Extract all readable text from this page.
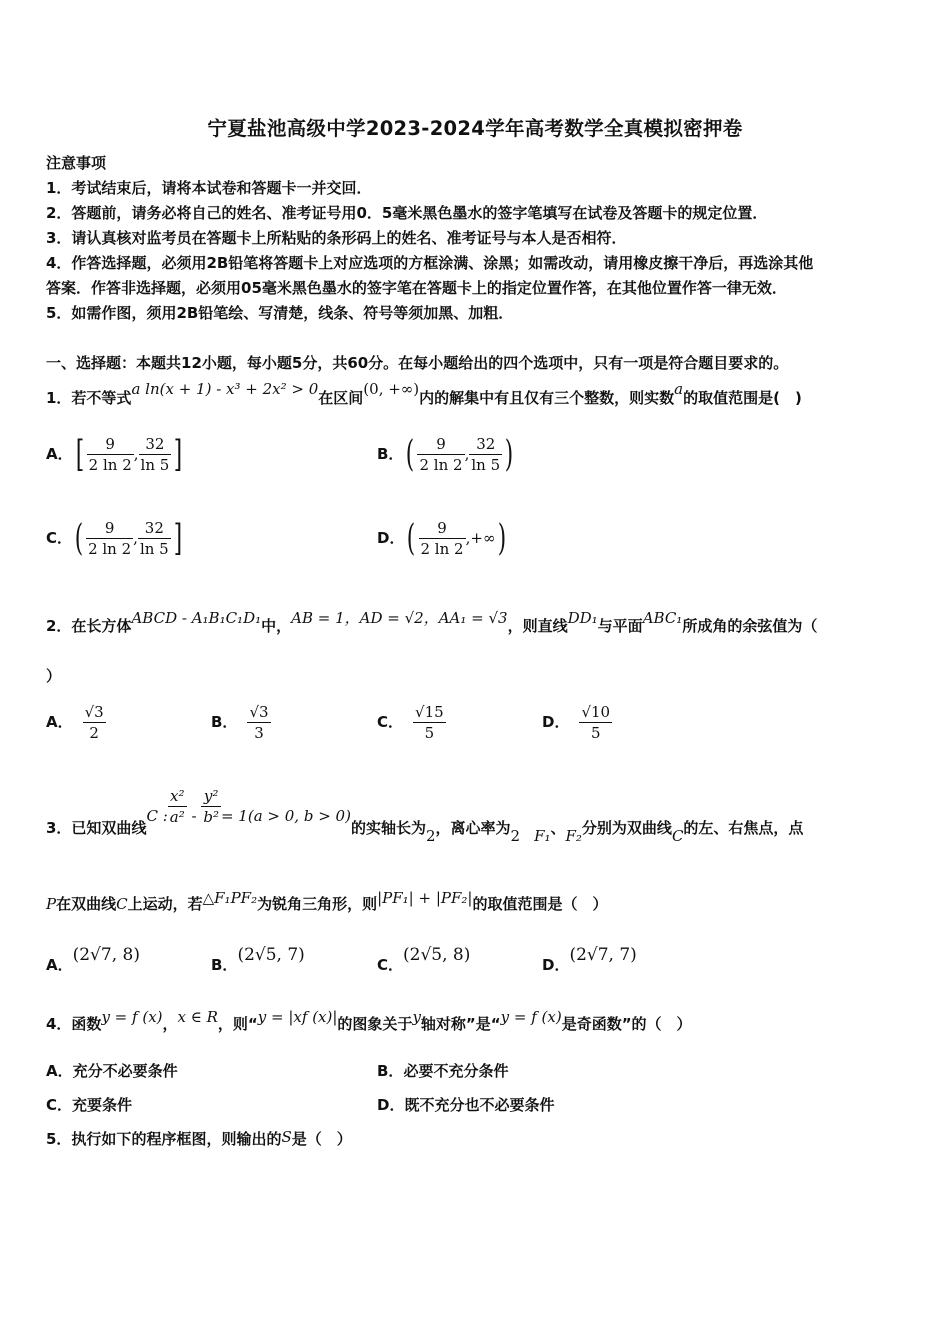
宁夏盐池高级中学2023-2024学年高考数学全真模拟密押卷
注意事项
1．考试结束后，请将本试卷和答题卡一并交回．
2．答题前，请务必将自己的姓名、准考证号用0．5毫米黑色墨水的签字笔填写在试卷及答题卡的规定位置．
3．请认真核对监考员在答题卡上所粘贴的条形码上的姓名、准考证号与本人是否相符．
4．作答选择题，必须用2B铅笔将答题卡上对应选项的方框涂满、涂黑；如需改动，请用橡皮擦干净后，再选涂其他
答案．作答非选择题，必须用05毫米黑色墨水的签字笔在答题卡上的指定位置作答，在其他位置作答一律无效．
5．如需作图，须用2B铅笔绘、写清楚，线条、符号等须加黑、加粗．
一、选择题：本题共12小题，每小题5分，共60分。在每小题给出的四个选项中，只有一项是符合题目要求的。
1．若不等式a ln(x + 1) - x³ + 2x² > 0在区间(0, +∞)内的解集中有且仅有三个整数，则实数a的取值范围是(　)
A．[ $\frac{9}{2 \ln 2}$ , $\frac{32}{\ln 5}$ ]	B．( $\frac{9}{2 \ln 2}$ , $\frac{32}{\ln 5}$ )
C．( $\frac{9}{2 \ln 2}$ , $\frac{32}{\ln 5}$ ]	D．( $\frac{9}{2 \ln 2}$ ,+∞)
2．在长方体ABCD - A₁B₁C₁D₁中，AB = 1，AD = √2，AA₁ = √3，则直线DD₁与平面ABC₁所成角的余弦值为（
）
A． $\frac{√3}{2}$	B． $\frac{√3}{3}$	C． $\frac{√15}{5}$	D． $\frac{√10}{5}$
3．已知双曲线C : $\frac{\text{x²}}{\text{a²}} - \frac{\text{y²}}{\text{b²}} = 1(a > 0$, b > 0)的实轴长为2，离心率为2 F₁、F₂分别为双曲线C的左、右焦点，点
P在双曲线C上运动，若△F₁PF₂为锐角三角形，则|PF₁| + |PF₂|的取值范围是（　）
A．(2√7, 8)	B．(2√5, 7)	C．(2√5, 8)	D．(2√7, 7)
4．函数y = f (x)，x ∈ R，则“y = |xf (x)|的图象关于y轴对称”是“y = f (x)是奇函数”的（　）
A．充分不必要条件	B．必要不充分条件
C．充要条件	D．既不充分也不必要条件
5．执行如下的程序框图，则输出的S是（　）
